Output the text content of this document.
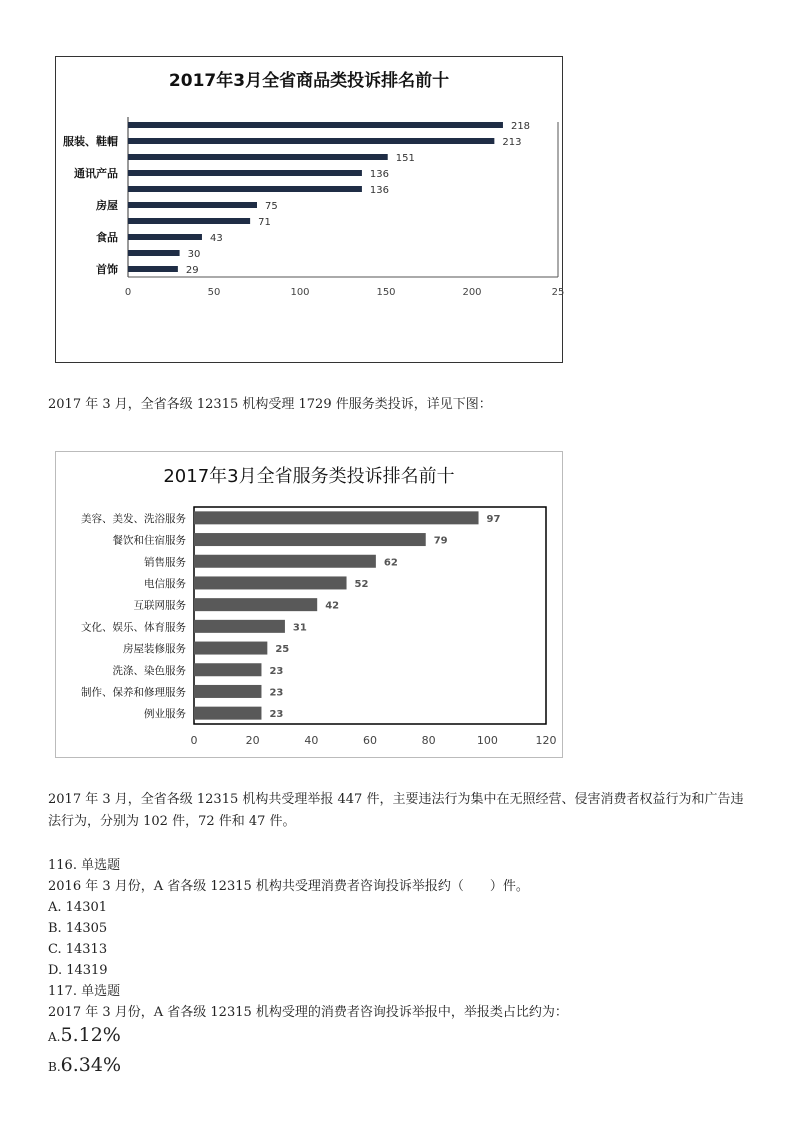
2017年3月全省商品类投诉排名前十
218
213
服装、鞋帽
151
136
通讯产品
136
75
房屋
71
43
食品
30
29
首饰
0	50	100	150	200	25

2017 年 3 月，全省各级 12315 机构受理 1729 件服务类投诉，详见下图：

2017年3月全省服务类投诉排名前十
97
美容、美发、洗浴服务
79
餐饮和住宿服务
62
销售服务
52
电信服务
42
互联网服务
31
文化、娱乐、体育服务
25
房屋装修服务
23
洗涤、染色服务
23
制作、保养和修理服务
23
例业服务
0	20	40	60	80	100	120

2017 年 3 月，全省各级 12315 机构共受理举报 447 件，主要违法行为集中在无照经营、侵害消费者权益行为和广告违法行为，分别为 102 件，72 件和 47 件。

116. 单选题

2016 年 3 月份，A 省各级 12315 机构共受理消费者咨询投诉举报约（　　）件。

A. 14301

B. 14305

C. 14313

D. 14319

117. 单选题

2017 年 3 月份，A 省各级 12315 机构受理的消费者咨询投诉举报中，举报类占比约为：

A.5.12%
B.6.34%
